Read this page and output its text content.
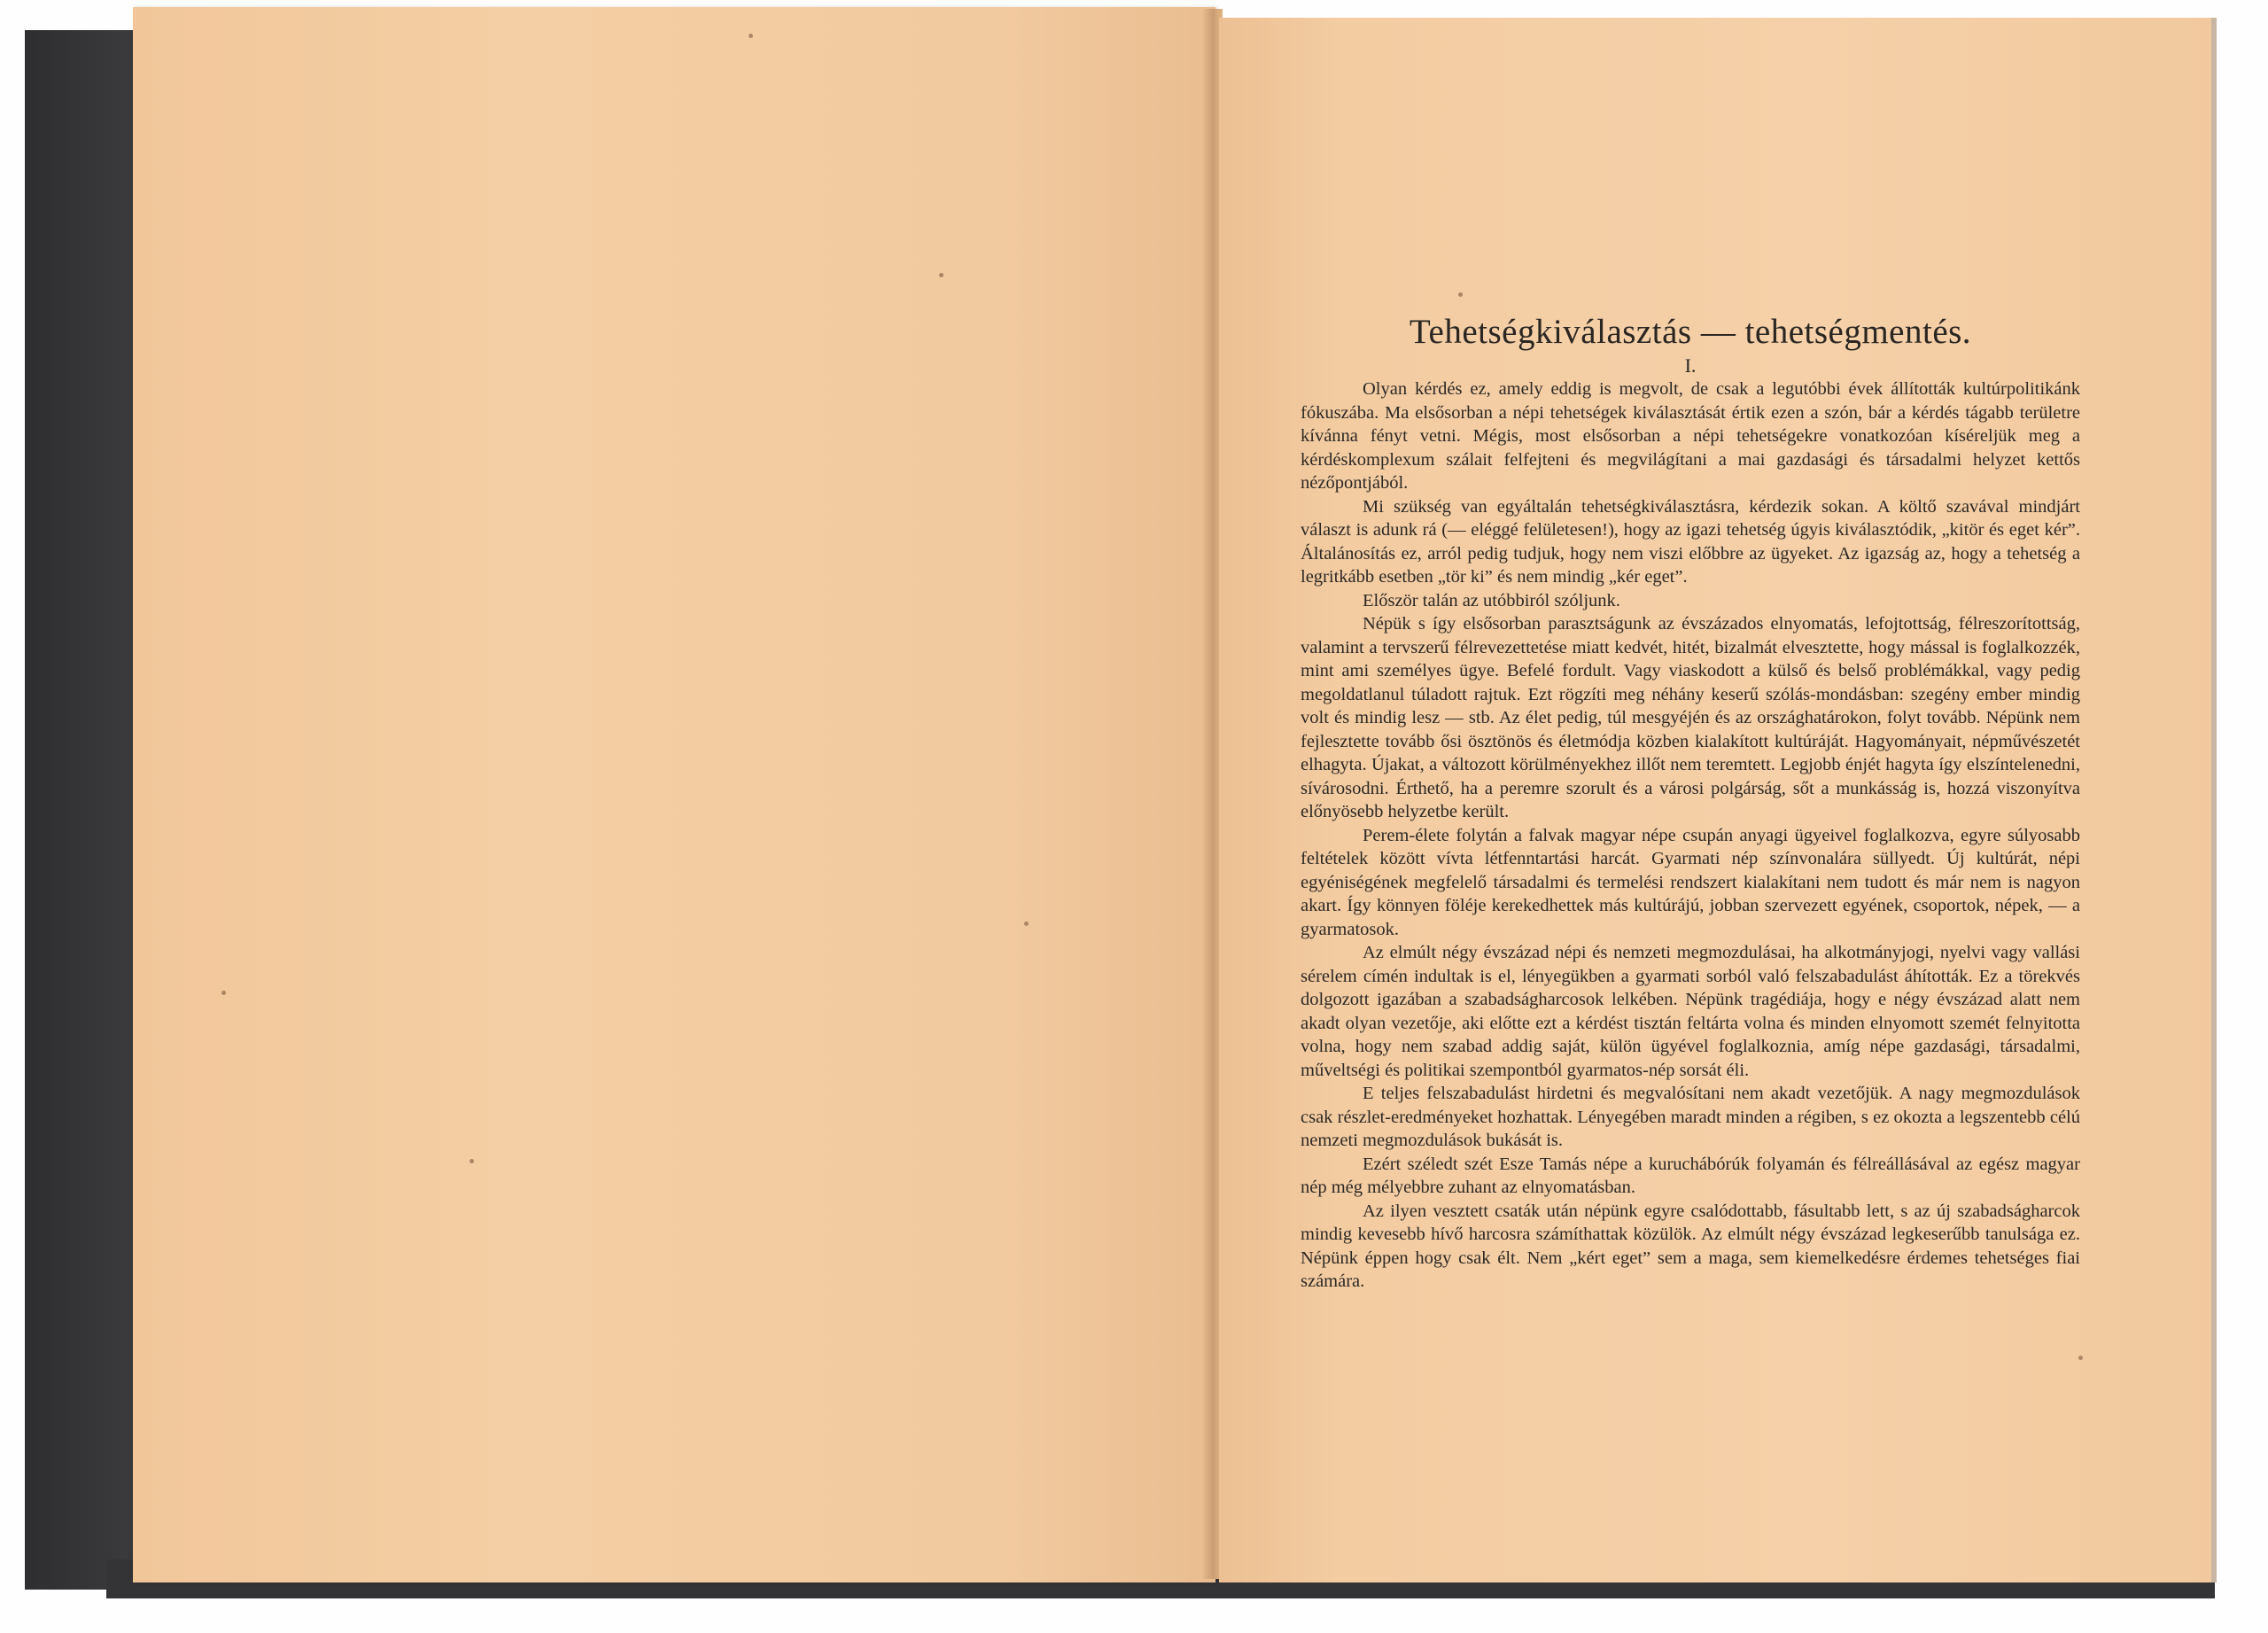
Tehetségkiválasztás — tehetségmentés.
I.

Olyan kérdés ez, amely eddig is megvolt, de csak a legutóbbi évek állították kultúrpolitikánk fókuszába. Ma elsősorban a népi tehetségek kiválasztását értik ezen a szón, bár a kérdés tágabb területre kívánna fényt vetni. Mégis, most elsősorban a népi tehetségekre vonatkozóan kíséreljük meg a kérdéskomplexum szálait felfejteni és megvilágítani a mai gazdasági és társadalmi helyzet kettős nézőpontjából.

Mi szükség van egyáltalán tehetségkiválasztásra, kérdezik sokan. A költő szavával mindjárt választ is adunk rá (— eléggé felületesen!), hogy az igazi tehetség úgyis kiválasztódik, „kitör és eget kér”. Általánosítás ez, arról pedig tudjuk, hogy nem viszi előbbre az ügyeket. Az igazság az, hogy a tehetség a legritkább esetben „tör ki” és nem mindig „kér eget”.

Először talán az utóbbiról szóljunk.

Népük s így elsősorban parasztságunk az évszázados elnyomatás, lefojtottság, félreszorítottság, valamint a tervszerű félrevezettetése miatt kedvét, hitét, bizalmát elvesztette, hogy mással is foglalkozzék, mint ami személyes ügye. Befelé fordult. Vagy viaskodott a külső és belső problémákkal, vagy pedig megoldatlanul túladott rajtuk. Ezt rögzíti meg néhány keserű szólás-mondásban: szegény ember mindig volt és mindig lesz — stb. Az élet pedig, túl mesgyéjén és az országhatárokon, folyt tovább. Népünk nem fejlesztette tovább ősi ösztönös és életmódja közben kialakított kultúráját. Hagyományait, népművészetét elhagyta. Újakat, a változott körülményekhez illőt nem teremtett. Legjobb énjét hagyta így elszíntelenedni, sívárosodni. Érthető, ha a peremre szorult és a városi polgárság, sőt a munkásság is, hozzá viszonyítva előnyösebb helyzetbe került.

Perem-élete folytán a falvak magyar népe csupán anyagi ügyeivel foglalkozva, egyre súlyosabb feltételek között vívta létfenntartási harcát. Gyarmati nép színvonalára süllyedt. Új kultúrát, népi egyéniségének megfelelő társadalmi és termelési rendszert kialakítani nem tudott és már nem is nagyon akart. Így könnyen föléje kerekedhettek más kultúrájú, jobban szervezett egyének, csoportok, népek, — a gyarmatosok.

Az elmúlt négy évszázad népi és nemzeti megmozdulásai, ha alkotmányjogi, nyelvi vagy vallási sérelem címén indultak is el, lényegükben a gyarmati sorból való felszabadulást áhították. Ez a törekvés dolgozott igazában a szabadságharcosok lelkében. Népünk tragédiája, hogy e négy évszázad alatt nem akadt olyan vezetője, aki előtte ezt a kérdést tisztán feltárta volna és minden elnyomott szemét felnyitotta volna, hogy nem szabad addig saját, külön ügyével foglalkoznia, amíg népe gazdasági, társadalmi, műveltségi és politikai szempontból gyarmatos-nép sorsát éli.

E teljes felszabadulást hirdetni és megvalósítani nem akadt vezetőjük. A nagy megmozdulások csak részlet-eredményeket hozhattak. Lényegében maradt minden a régiben, s ez okozta a legszentebb célú nemzeti megmozdulások bukását is.

Ezért széledt szét Esze Tamás népe a kuruchábórúk folyamán és félreállásával az egész magyar nép még mélyebbre zuhant az elnyomatásban.

Az ilyen vesztett csaták után népünk egyre csalódottabb, fásultabb lett, s az új szabadságharcok mindig kevesebb hívő harcosra számíthattak közülök. Az elmúlt négy évszázad legkeserűbb tanulsága ez. Népünk éppen hogy csak élt. Nem „kért eget” sem a maga, sem kiemelkedésre érdemes tehetséges fiai számára.
